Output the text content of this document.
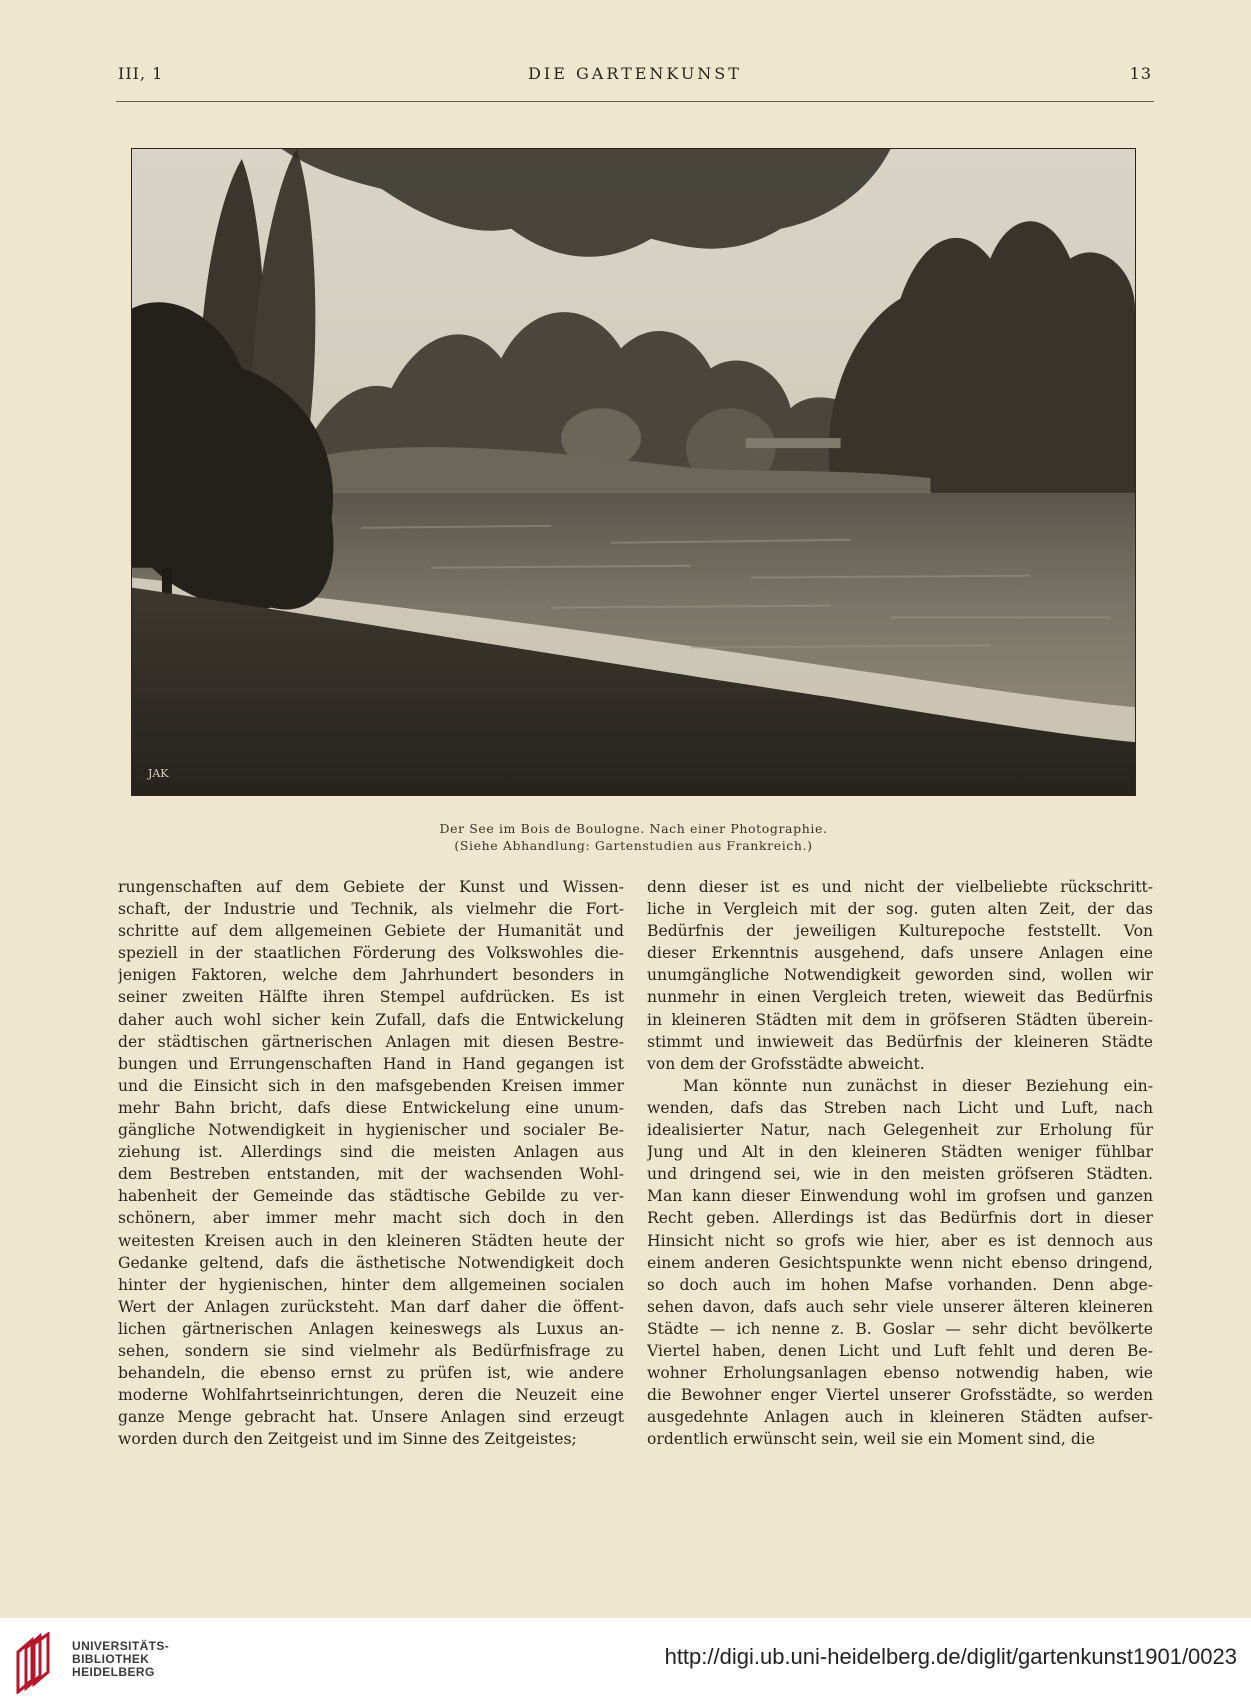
III, 1	DIE GARTENKUNST	13
JAK
Der See im Bois de Boulogne. Nach einer Photographie.
(Siehe Abhandlung: Gartenstudien aus Frankreich.)
rungenschaften auf dem Gebiete der Kunst und Wissen-
schaft, der Industrie und Technik, als vielmehr die Fort-
schritte auf dem allgemeinen Gebiete der Humanität und
speziell in der staatlichen Förderung des Volkswohles die-
jenigen Faktoren, welche dem Jahrhundert besonders in
seiner zweiten Hälfte ihren Stempel aufdrücken. Es ist
daher auch wohl sicher kein Zufall, dafs die Entwickelung
der städtischen gärtnerischen Anlagen mit diesen Bestre-
bungen und Errungenschaften Hand in Hand gegangen ist
und die Einsicht sich in den mafsgebenden Kreisen immer
mehr Bahn bricht, dafs diese Entwickelung eine unum-
gängliche Notwendigkeit in hygienischer und socialer Be-
ziehung ist. Allerdings sind die meisten Anlagen aus
dem Bestreben entstanden, mit der wachsenden Wohl-
habenheit der Gemeinde das städtische Gebilde zu ver-
schönern, aber immer mehr macht sich doch in den
weitesten Kreisen auch in den kleineren Städten heute der
Gedanke geltend, dafs die ästhetische Notwendigkeit doch
hinter der hygienischen, hinter dem allgemeinen socialen
Wert der Anlagen zurücksteht. Man darf daher die öffent-
lichen gärtnerischen Anlagen keineswegs als Luxus an-
sehen, sondern sie sind vielmehr als Bedürfnisfrage zu
behandeln, die ebenso ernst zu prüfen ist, wie andere
moderne Wohlfahrtseinrichtungen, deren die Neuzeit eine
ganze Menge gebracht hat. Unsere Anlagen sind erzeugt
worden durch den Zeitgeist und im Sinne des Zeitgeistes;
denn dieser ist es und nicht der vielbeliebte rückschritt-
liche in Vergleich mit der sog. guten alten Zeit, der das
Bedürfnis der jeweiligen Kulturepoche feststellt. Von
dieser Erkenntnis ausgehend, dafs unsere Anlagen eine
unumgängliche Notwendigkeit geworden sind, wollen wir
nunmehr in einen Vergleich treten, wieweit das Bedürfnis
in kleineren Städten mit dem in gröfseren Städten überein-
stimmt und inwieweit das Bedürfnis der kleineren Städte
von dem der Grofsstädte abweicht.
Man könnte nun zunächst in dieser Beziehung ein-
wenden, dafs das Streben nach Licht und Luft, nach
idealisierter Natur, nach Gelegenheit zur Erholung für
Jung und Alt in den kleineren Städten weniger fühlbar
und dringend sei, wie in den meisten gröfseren Städten.
Man kann dieser Einwendung wohl im grofsen und ganzen
Recht geben. Allerdings ist das Bedürfnis dort in dieser
Hinsicht nicht so grofs wie hier, aber es ist dennoch aus
einem anderen Gesichtspunkte wenn nicht ebenso dringend,
so doch auch im hohen Mafse vorhanden. Denn abge-
sehen davon, dafs auch sehr viele unserer älteren kleineren
Städte — ich nenne z. B. Goslar — sehr dicht bevölkerte
Viertel haben, denen Licht und Luft fehlt und deren Be-
wohner Erholungsanlagen ebenso notwendig haben, wie
die Bewohner enger Viertel unserer Grofsstädte, so werden
ausgedehnte Anlagen auch in kleineren Städten aufser-
ordentlich erwünscht sein, weil sie ein Moment sind, die
UNIVERSITÄTS-
BIBLIOTHEK
HEIDELBERG
http://digi.ub.uni-heidelberg.de/diglit/gartenkunst1901/0023
